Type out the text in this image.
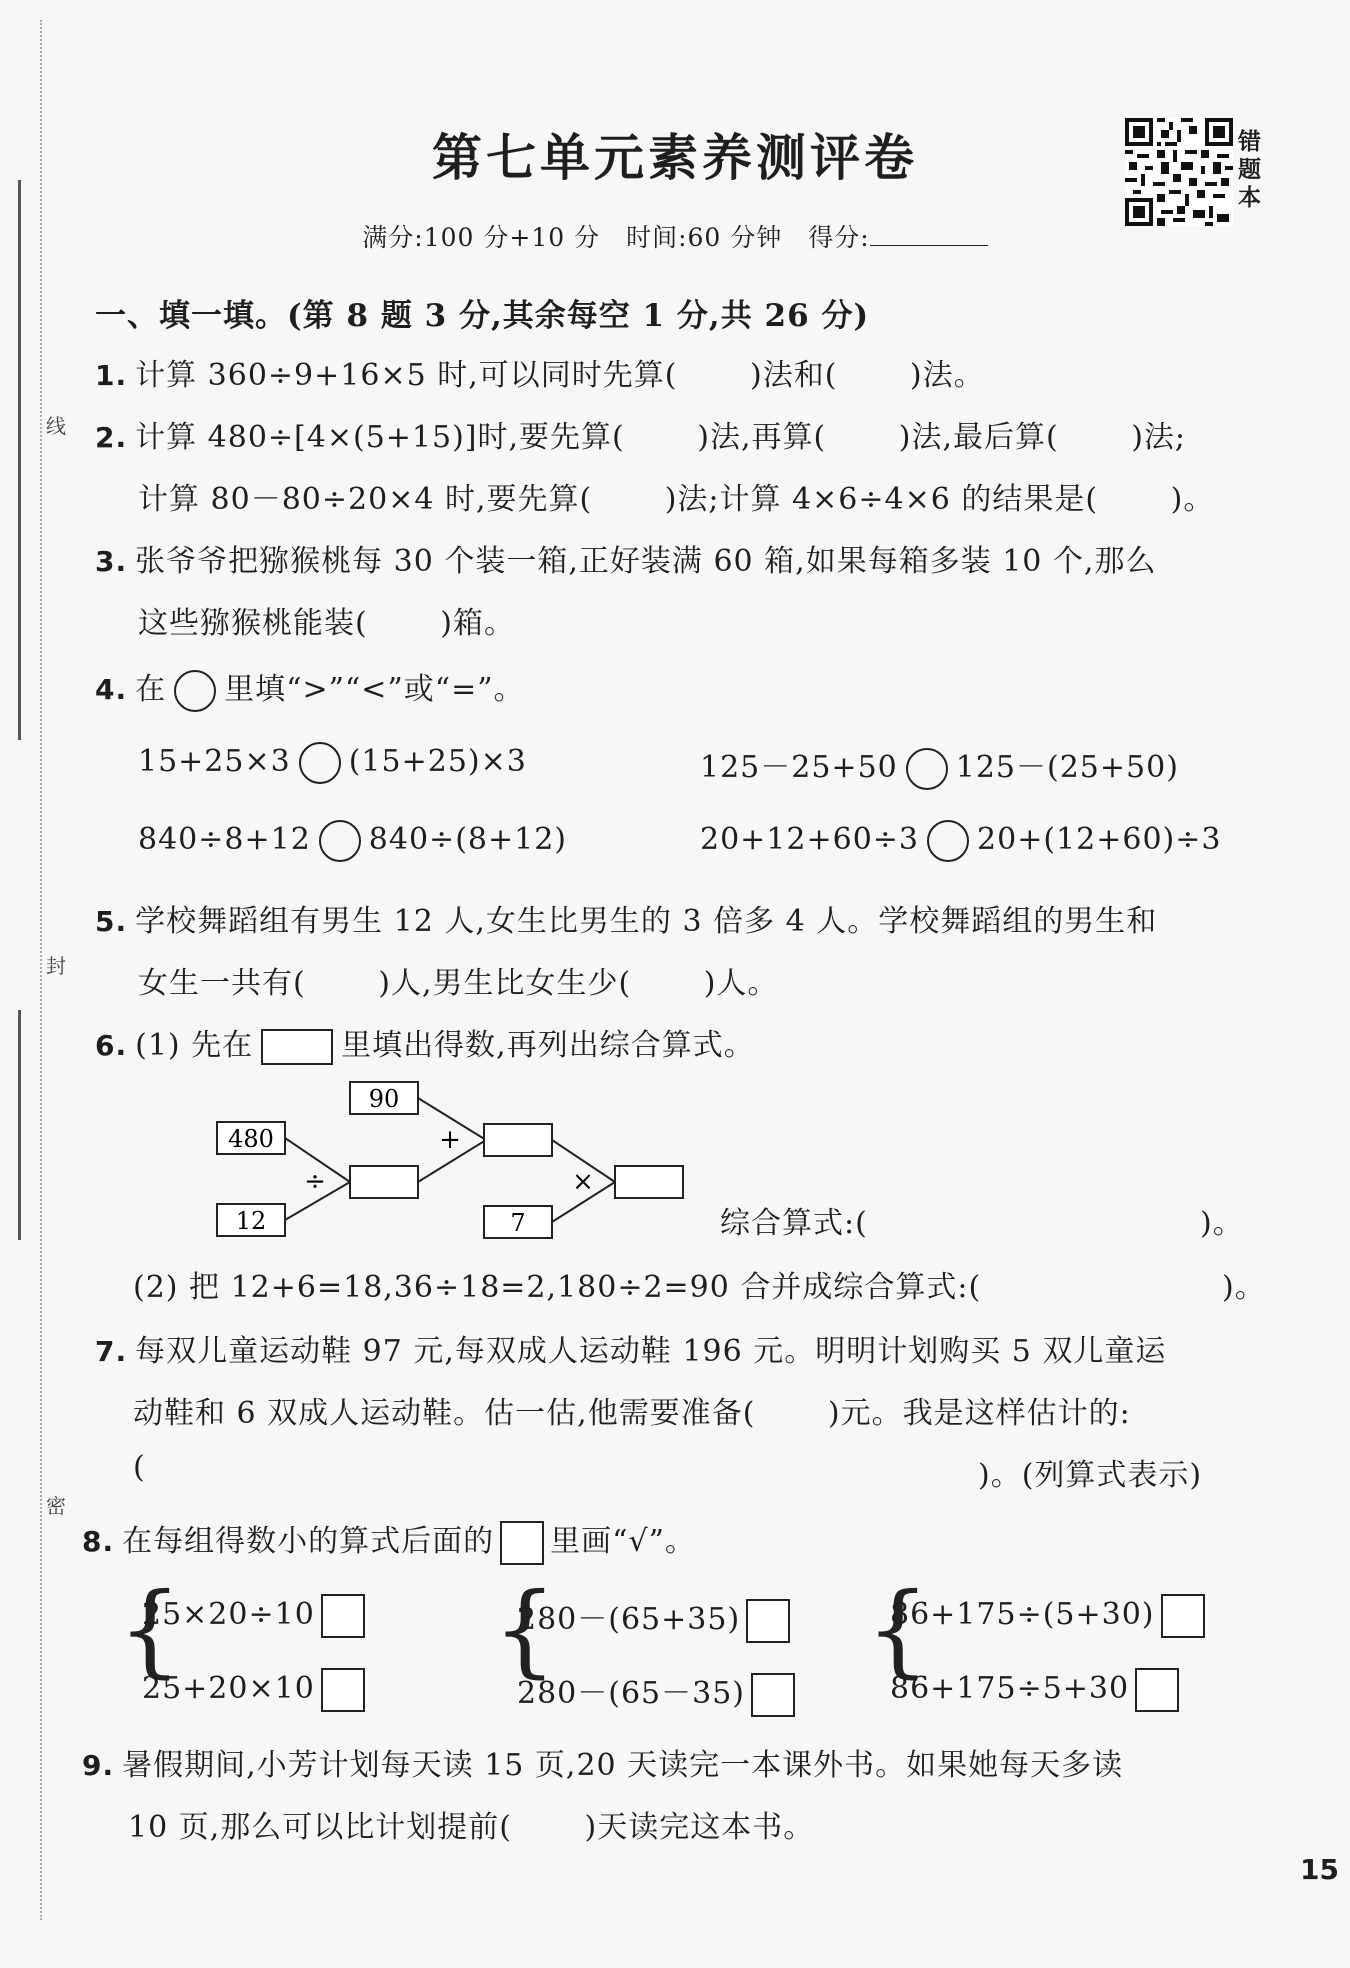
线
封
密
第七单元素养测评卷
满分:100 分+10 分　时间:60 分钟　得分:
错题本
一、填一填。(第 8 题 3 分,其余每空 1 分,共 26 分)
1. 计算 360÷9+16×5 时,可以同时先算(　　 )法和(　　 )法。
2. 计算 480÷[4×(5+15)]时,要先算(　　 )法,再算(　　 )法,最后算(　　 )法;
计算 80－80÷20×4 时,要先算(　　 )法;计算 4×6÷4×6 的结果是(　　 )。
3. 张爷爷把猕猴桃每 30 个装一箱,正好装满 60 箱,如果每箱多装 10 个,那么
这些猕猴桃能装(　　 )箱。
4. 在 里填“>”“<”或“=”。
15+25×3 (15+25)×3	125－25+50 125－(25+50)
840÷8+12 840÷(8+12)	20+12+60÷3 20+(12+60)÷3
5. 学校舞蹈组有男生 12 人,女生比男生的 3 倍多 4 人。学校舞蹈组的男生和
女生一共有(　　 )人,男生比女生少(　　 )人。
6. (1) 先在	里填出得数,再列出综合算式。
480
12
90
7
÷
+
×
综合算式:(	)。
(2) 把 12+6=18,36÷18=2,180÷2=90 合并成综合算式:(	)。
7. 每双儿童运动鞋 97 元,每双成人运动鞋 196 元。明明计划购买 5 双儿童运
动鞋和 6 双成人运动鞋。估一估,他需要准备(　　 )元。我是这样估计的:
(	)。(列算式表示)
8. 在每组得数小的算式后面的 里画“√”。
{
25×20÷10
25+20×10
{
280－(65+35)
280－(65－35)
{
86+175÷(5+30)
86+175÷5+30
9. 暑假期间,小芳计划每天读 15 页,20 天读完一本课外书。如果她每天多读
10 页,那么可以比计划提前(　　 )天读完这本书。
15
